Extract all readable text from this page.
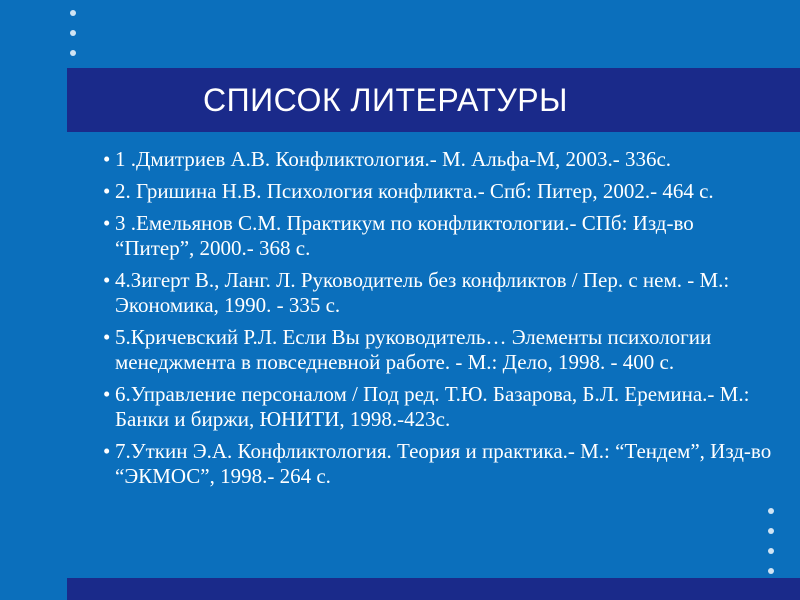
СПИСОК ЛИТЕРАТУРЫ
• 1 .Дмитриев А.В. Конфликтология.- М. Альфа-М, 2003.- 336с.
• 2. Гришина Н.В. Психология конфликта.- Спб: Питер, 2002.- 464 с.
• 3 .Емельянов С.М. Практикум по конфликтологии.- СПб: Изд-во “Питер”, 2000.- 368 с.
• 4.Зигерт В., Ланг. Л. Руководитель без конфликтов / Пер. с нем. - М.: Экономика, 1990. - 335 с.
• 5.Кричевский Р.Л. Если Вы руководитель… Элементы психологии менеджмента в повседневной работе. - М.: Дело, 1998. - 400 с.
• 6.Управление персоналом / Под ред. Т.Ю. Базарова, Б.Л. Еремина.- М.: Банки и биржи, ЮНИТИ, 1998.-423с.
• 7.Уткин Э.А. Конфликтология. Теория и практика.- М.: “Тендем”, Изд-во “ЭКМОС”, 1998.- 264 с.
